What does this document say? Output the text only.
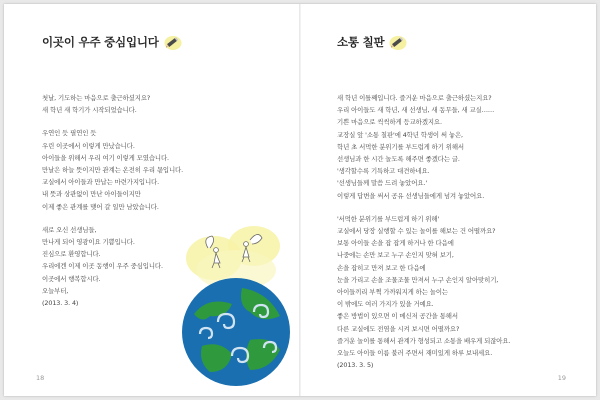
이곳이 우주 중심입니다
첫날, 기도하는 마음으로 출근하셨지요?
새 학년 새 학기가 시작되었습니다.
우연인 듯 필연인 듯
우린 이곳에서 이렇게 만났습니다.
아이들을 위해서 우리 여기 이렇게 모였습니다.
만날은 하늘 뜻이지만 관계는 온전히 우리 몫입니다.
교실에서 아이들과 만납는 마련가지입니다.
내 뜻과 상관없이 만난 아이들이지만
이제 좋은 관계를 맺어 갈 일만 남았습니다.
새로 오신 선생님들,
만나게 되어 영광이요 기쁨입니다.
진심으로 환영합니다.
우리에겐 이제 이곳 동행이 우주 중심입니다.
이곳에서 행복합시다.
오늘부터,
(2013. 3. 4)
18
소통 칠판
새 학년 이틀째입니다. 즐거운 마음으로 출근하셨는지요?
우리 아이들도 새 학년, 새 선생님, 새 동무들, 새 교실……
기쁜 마음으로 씩씩하게 등교하겠지요.
교장실 앞 '소통 칠판'에 4학년 학생이 써 놓은,
학년 초 서먹한 분위기를 부드럽게 하기 위해서
선생님과 한 시간 놀도록 해주면 좋겠다는 글.
'생각할수록 기특하고 대견하네요.
'선생님들께 말씀 드려 놓았어요.'
이렇게 답변을 써서 공유 선생님들에게 넘겨 놓았어요.
'서먹한 분위기를 부드럽게 하기 위해'
교실에서 당장 실행할 수 있는 놀이를 해보는 건 어떨까요?
보통 아이들 손을 잡 잡게 하거나 한 다음에
나중에는 손만 보고 누구 손인지 맞혀 보기,
손을 잡히고 만져 보고 한 다음에
눈을 가리고 손을 조물조물 만져서 누구 손인지 알아맞히기,
아이들끼리 부쩍 가까워지게 하는 놀이는
이 밖에도 여러 가지가 있을 거예요.
좋은 방법이 있으면 이 메신저 공간을 통해서
다른 교실에도 전염을 시켜 보시면 어떨까요?
즐거운 놀이를 통해서 관계가 형성되고 소통을 배우게 되잖아요.
오늘도 아이들 이름 불러 주면서 재미있게 하루 보내세요.
(2013. 3. 5)
19
